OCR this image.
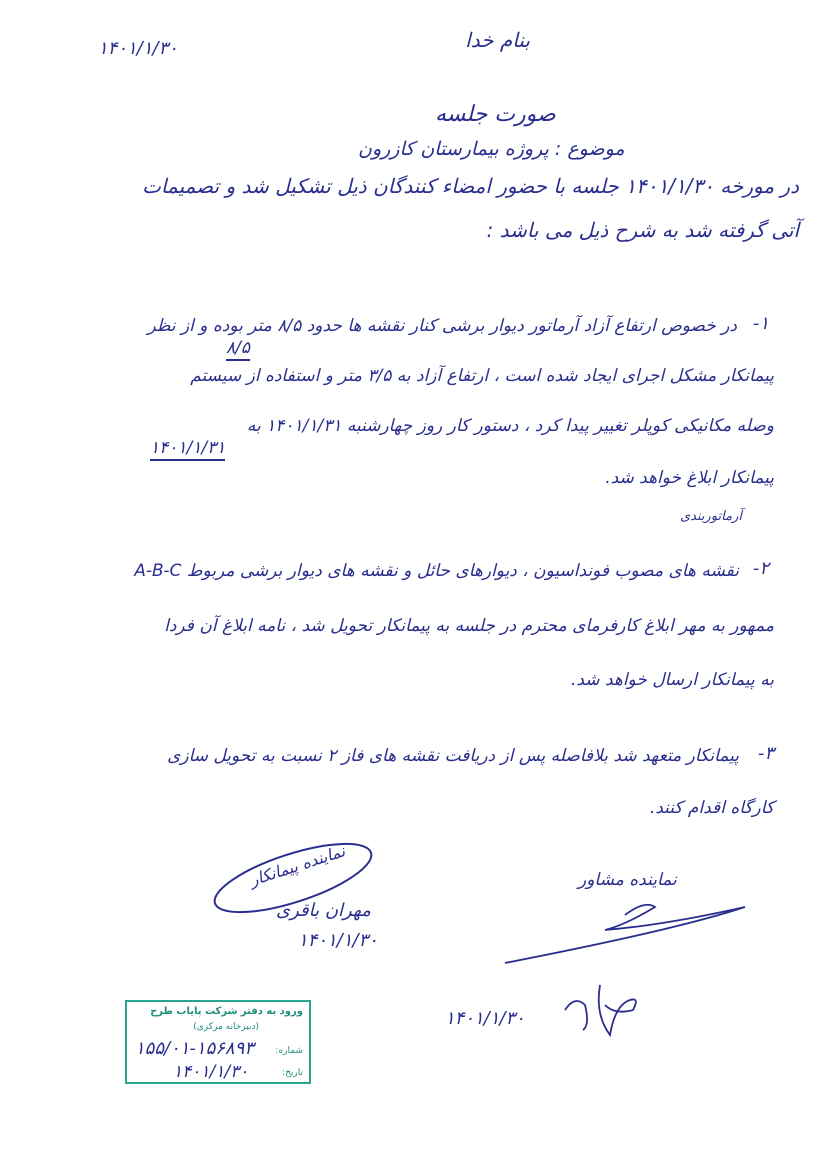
بنام خدا
۱۴۰۱/۱/۳۰
صورت جلسه
موضوع : پروژه بیمارستان کازرون
در مورخه ۱۴۰۱/۱/۳۰ جلسه با حضور امضاء کنندگان ذیل تشکیل شد و تصمیمات
آتی گرفته شد به شرح ذیل می باشد :
۱-
در خصوص ارتفاع آزاد آرماتور دیوار برشی کنار نقشه ها حدود ۸/۵ متر بوده و از نظر
پیمانکار مشکل اجرای ایجاد شده است ، ارتفاع آزاد به ۳/۵ متر و استفاده از سیستم
وصله مکانیکی کوپلر تغییر پیدا کرد ، دستور کار روز چهارشنبه ۱۴۰۱/۱/۳۱ به
پیمانکار ابلاغ خواهد شد.
۸/۵
۱۴۰۱/۱/۳۱
آرماتوربندی
۲-
نقشه های مصوب فونداسیون ، دیوارهای حائل و نقشه های دیوار برشی مربوط A-B-C
ممهور به مهر ابلاغ کارفرمای محترم در جلسه به پیمانکار تحویل شد ، نامه ابلاغ آن فردا
به پیمانکار ارسال خواهد شد.
۳-
پیمانکار متعهد شد بلافاصله پس از دریافت نقشه های فاز ۲ نسبت به تحویل سازی
کارگاه اقدام کنند.
نماینده پیمانکار
مهران باقری
۱۴۰۱/۱/۳۰
نماینده مشاور
۱۴۰۱/۱/۳۰
ورود به دفتر شرکت پایاب طرح
(دبیرخانه مرکزی)
شماره:
۱۵۵/۰۱-۱۵۶۸۹۳
تاریخ:
۱۴۰۱/۱/۳۰
